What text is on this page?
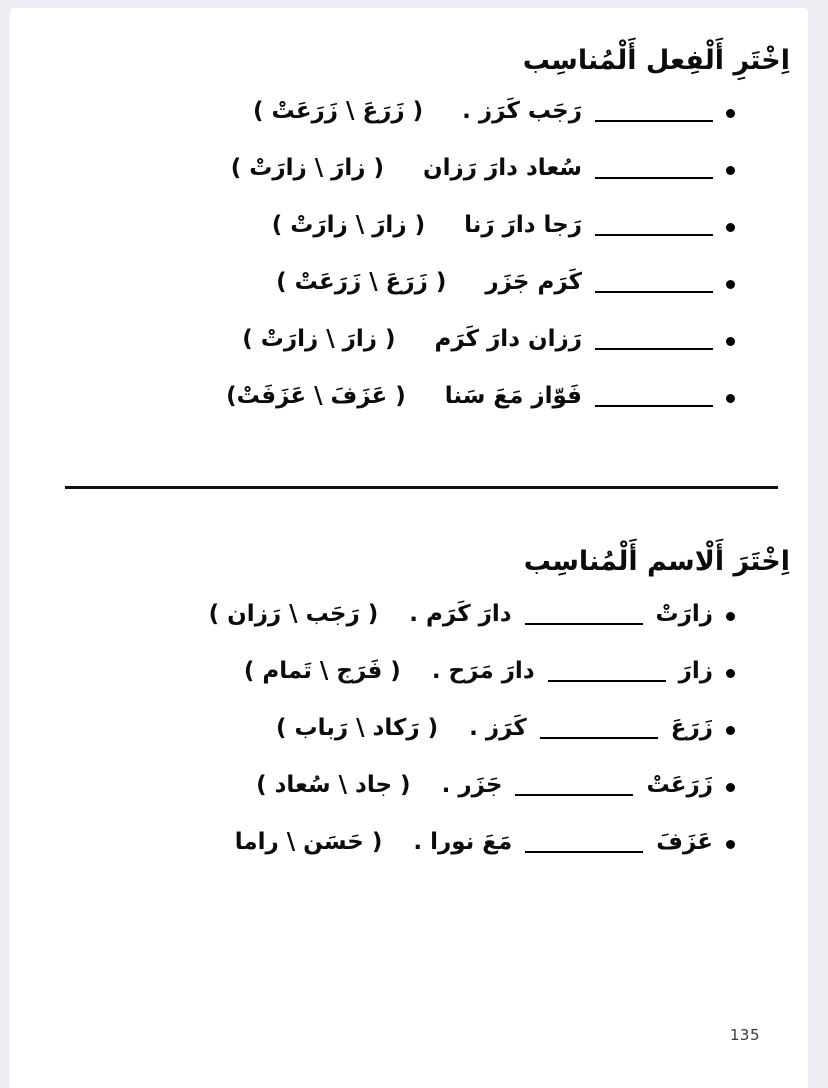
اِخْتَرِ أَلْفِعل أَلْمُناسِب
رَجَب كَرَز .
( زَرَعَ \ زَرَعَتْ )
سُعاد دارَ رَزان
( زارَ \ زارَتْ )
رَجا دارَ رَنا
( زارَ \ زارَتْ )
كَرَم جَزَر
( زَرَعَ \ زَرَعَتْ )
رَزان دارَ كَرَم
( زارَ \ زارَتْ )
فَوّاز مَعَ سَنا
( عَزَفَ \ عَزَفَتْ)
اِخْتَرَ أَلْاسم أَلْمُناسِب
زارَتْ
دارَ كَرَم .
( رَجَب \ رَزان )
زارَ
دارَ مَرَح .
( فَرَج \ تَمام )
زَرَعَ
كَرَز .
( رَكاد \ رَباب )
زَرَعَتْ
جَزَر .
( جاد \ سُعاد )
عَزَفَ
مَعَ نورا .
( حَسَن \ راما
135
